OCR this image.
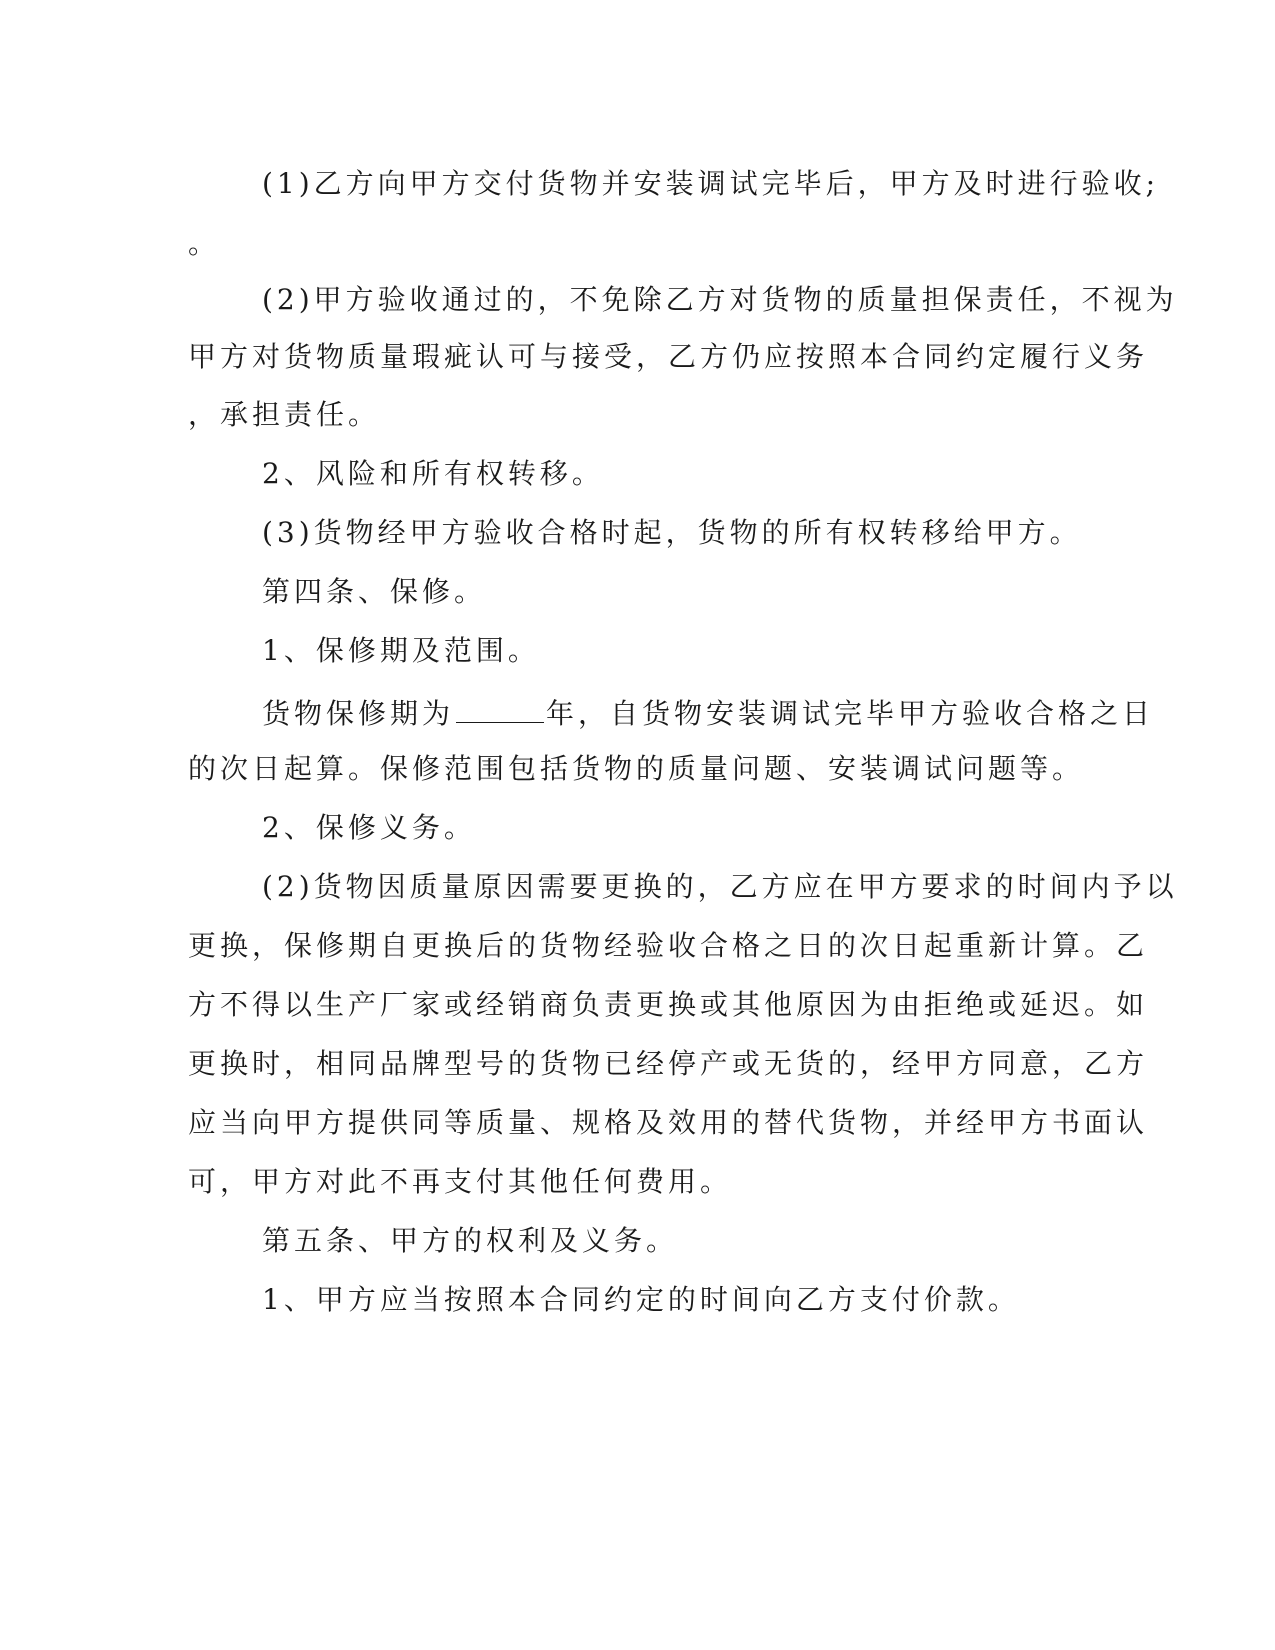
(1)乙方向甲方交付货物并安装调试完毕后，甲方及时进行验收;
。
(2)甲方验收通过的，不免除乙方对货物的质量担保责任，不视为
甲方对货物质量瑕疵认可与接受，乙方仍应按照本合同约定履行义务
，承担责任。
2、风险和所有权转移。
(3)货物经甲方验收合格时起，货物的所有权转移给甲方。
第四条、保修。
1、保修期及范围。
货物保修期为	年，自货物安装调试完毕甲方验收合格之日
的次日起算。保修范围包括货物的质量问题、安装调试问题等。
2、保修义务。
(2)货物因质量原因需要更换的，乙方应在甲方要求的时间内予以
更换，保修期自更换后的货物经验收合格之日的次日起重新计算。乙
方不得以生产厂家或经销商负责更换或其他原因为由拒绝或延迟。如
更换时，相同品牌型号的货物已经停产或无货的，经甲方同意，乙方
应当向甲方提供同等质量、规格及效用的替代货物，并经甲方书面认
可，甲方对此不再支付其他任何费用。
第五条、甲方的权利及义务。
1、甲方应当按照本合同约定的时间向乙方支付价款。
